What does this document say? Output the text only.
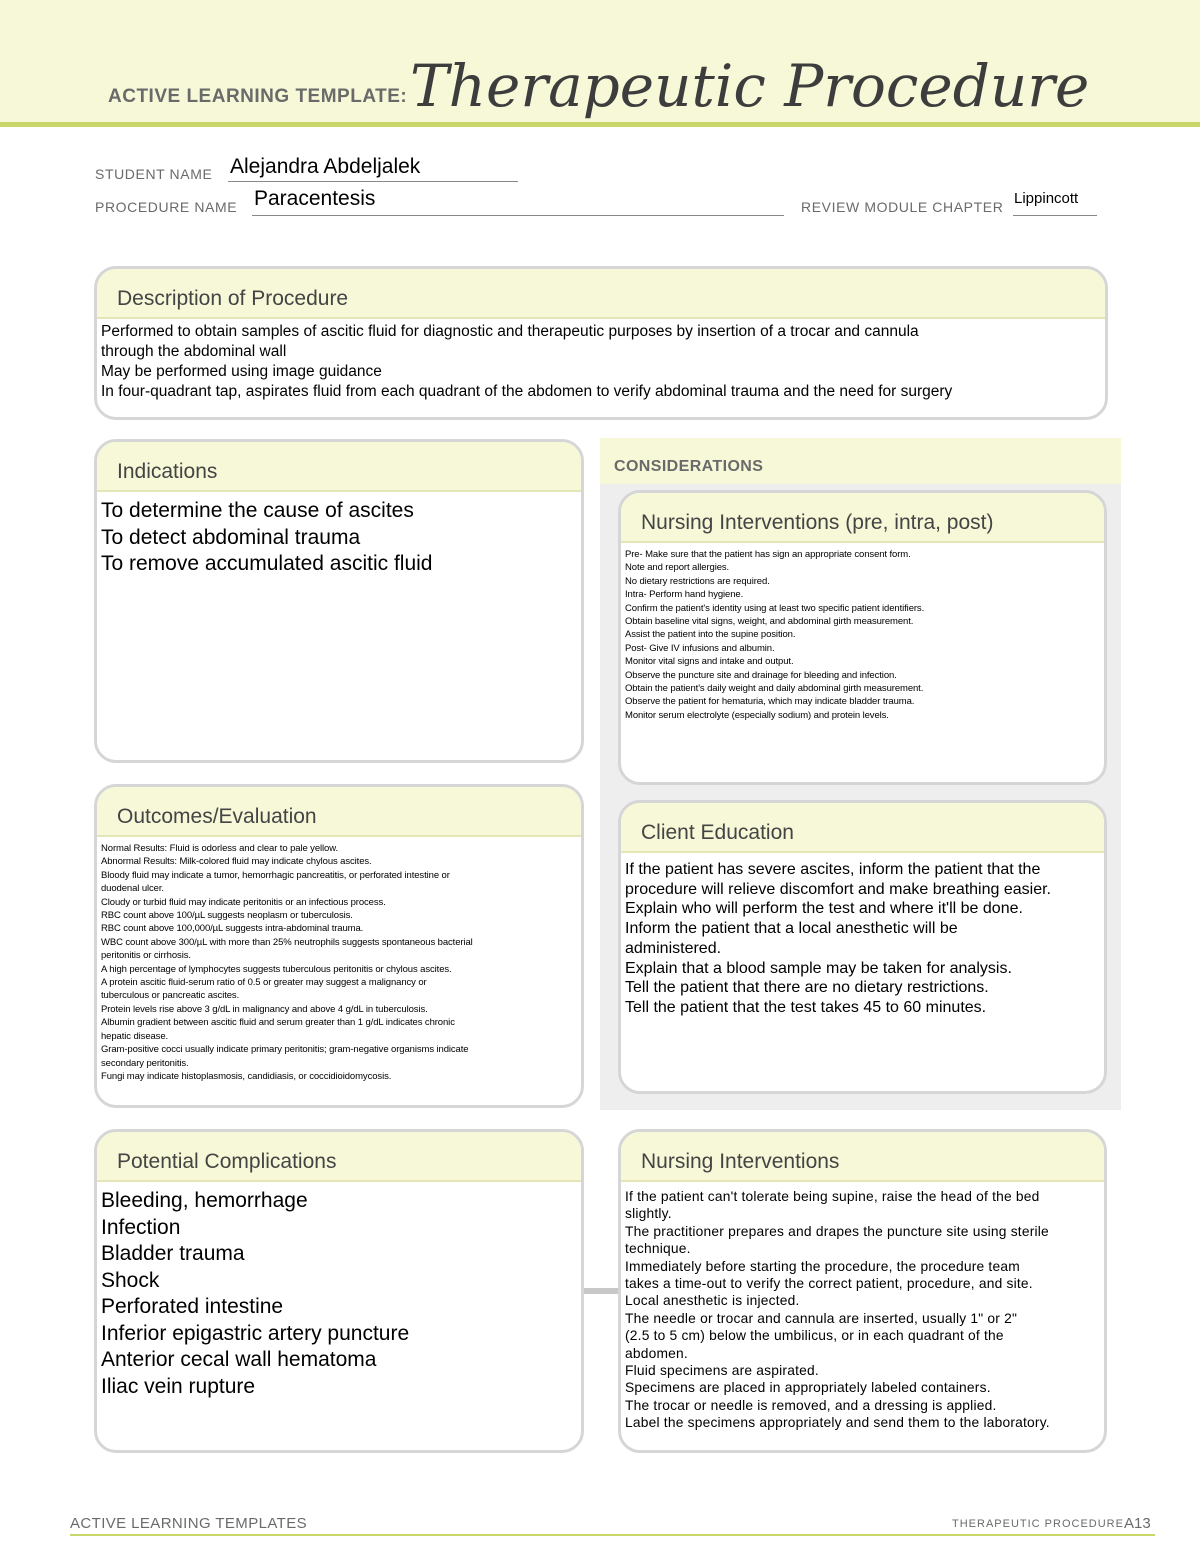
ACTIVE LEARNING TEMPLATE: Therapeutic Procedure
STUDENT NAME Alejandra Abdeljalek
PROCEDURE NAME Paracentesis	REVIEW MODULE CHAPTER Lippincott
Description of Procedure
Performed to obtain samples of ascitic fluid for diagnostic and therapeutic purposes by insertion of a trocar and cannula
through the abdominal wall
May be performed using image guidance
In four-quadrant tap, aspirates fluid from each quadrant of the abdomen to verify abdominal trauma and the need for surgery
CONSIDERATIONS
Indications
To determine the cause of ascites
To detect abdominal trauma
To remove accumulated ascitic fluid
Nursing Interventions (pre, intra, post)
Pre- Make sure that the patient has sign an appropriate consent form.
Note and report allergies.
No dietary restrictions are required.
Intra- Perform hand hygiene.
Confirm the patient's identity using at least two specific patient identifiers.
Obtain baseline vital signs, weight, and abdominal girth measurement.
Assist the patient into the supine position.
Post- Give IV infusions and albumin.
Monitor vital signs and intake and output.
Observe the puncture site and drainage for bleeding and infection.
Obtain the patient's daily weight and daily abdominal girth measurement.
Observe the patient for hematuria, which may indicate bladder trauma.
Monitor serum electrolyte (especially sodium) and protein levels.
Outcomes/Evaluation
Normal Results: Fluid is odorless and clear to pale yellow.
Abnormal Results: Milk-colored fluid may indicate chylous ascites.
Bloody fluid may indicate a tumor, hemorrhagic pancreatitis, or perforated intestine or
duodenal ulcer.
Cloudy or turbid fluid may indicate peritonitis or an infectious process.
RBC count above 100/µL suggests neoplasm or tuberculosis.
RBC count above 100,000/µL suggests intra-abdominal trauma.
WBC count above 300/µL with more than 25% neutrophils suggests spontaneous bacterial
peritonitis or cirrhosis.
A high percentage of lymphocytes suggests tuberculous peritonitis or chylous ascites.
A protein ascitic fluid-serum ratio of 0.5 or greater may suggest a malignancy or
tuberculous or pancreatic ascites.
Protein levels rise above 3 g/dL in malignancy and above 4 g/dL in tuberculosis.
Albumin gradient between ascitic fluid and serum greater than 1 g/dL indicates chronic
hepatic disease.
Gram-positive cocci usually indicate primary peritonitis; gram-negative organisms indicate
secondary peritonitis.
Fungi may indicate histoplasmosis, candidiasis, or coccidioidomycosis.
Client Education
If the patient has severe ascites, inform the patient that the
procedure will relieve discomfort and make breathing easier.
Explain who will perform the test and where it'll be done.
Inform the patient that a local anesthetic will be
administered.
Explain that a blood sample may be taken for analysis.
Tell the patient that there are no dietary restrictions.
Tell the patient that the test takes 45 to 60 minutes.
Potential Complications
Bleeding, hemorrhage
Infection
Bladder trauma
Shock
Perforated intestine
Inferior epigastric artery puncture
Anterior cecal wall hematoma
Iliac vein rupture
Nursing Interventions
If the patient can't tolerate being supine, raise the head of the bed
slightly.
The practitioner prepares and drapes the puncture site using sterile
technique.
Immediately before starting the procedure, the procedure team
takes a time-out to verify the correct patient, procedure, and site.
Local anesthetic is injected.
The needle or trocar and cannula are inserted, usually 1" or 2"
(2.5 to 5 cm) below the umbilicus, or in each quadrant of the
abdomen.
Fluid specimens are aspirated.
Specimens are placed in appropriately labeled containers.
The trocar or needle is removed, and a dressing is applied.
Label the specimens appropriately and send them to the laboratory.
ACTIVE LEARNING TEMPLATES	THERAPEUTIC PROCEDURE A13
